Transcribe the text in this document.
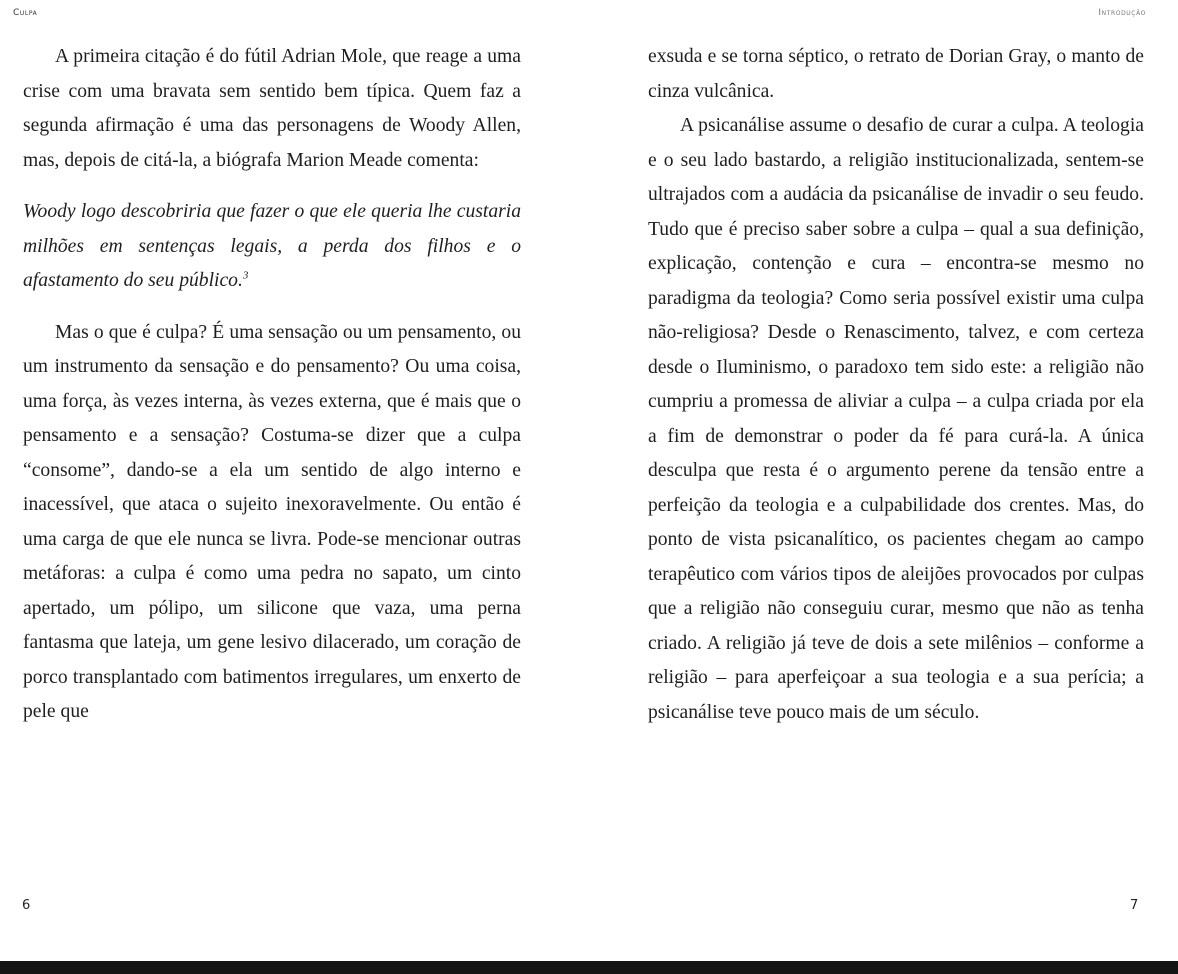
Culpa	Introdução

A primeira citação é do fútil Adrian Mole, que reage a uma crise com uma bravata sem sentido bem típica. Quem faz a segunda afirmação é uma das personagens de Woody Allen, mas, depois de citá-la, a biógrafa Marion Meade comenta:

Woody logo descobriria que fazer o que ele queria lhe custaria milhões em sentenças legais, a perda dos filhos e o afastamento do seu público.$^3$

Mas o que é culpa? É uma sensação ou um pensamento, ou um instrumento da sensação e do pensamento? Ou uma coisa, uma força, às vezes interna, às vezes externa, que é mais que o pensamento e a sensação? Costuma-se dizer que a culpa “consome”, dando-se a ela um sentido de algo interno e inacessível, que ataca o sujeito inexoravelmente. Ou então é uma carga de que ele nunca se livra. Pode-se mencionar outras metáforas: a culpa é como uma pedra no sapato, um cinto apertado, um pólipo, um silicone que vaza, uma perna fantasma que lateja, um gene lesivo dilacerado, um coração de porco transplantado com batimentos irregulares, um enxerto de pele que

exsuda e se torna séptico, o retrato de Dorian Gray, o manto de cinza vulcânica.

A psicanálise assume o desafio de curar a culpa. A teologia e o seu lado bastardo, a religião institucionalizada, sentem-se ultrajados com a audácia da psicanálise de invadir o seu feudo. Tudo que é preciso saber sobre a culpa – qual a sua definição, explicação, contenção e cura – encontra-se mesmo no paradigma da teologia? Como seria possível existir uma culpa não-religiosa? Desde o Renascimento, talvez, e com certeza desde o Iluminismo, o paradoxo tem sido este: a religião não cumpriu a promessa de aliviar a culpa – a culpa criada por ela a fim de demonstrar o poder da fé para curá-la. A única desculpa que resta é o argumento perene da tensão entre a perfeição da teologia e a culpabilidade dos crentes. Mas, do ponto de vista psicanalítico, os pacientes chegam ao campo terapêutico com vários tipos de aleijões provocados por culpas que a religião não conseguiu curar, mesmo que não as tenha criado. A religião já teve de dois a sete milênios – conforme a religião – para aperfeiçoar a sua teologia e a sua perícia; a psicanálise teve pouco mais de um século.

6	7
